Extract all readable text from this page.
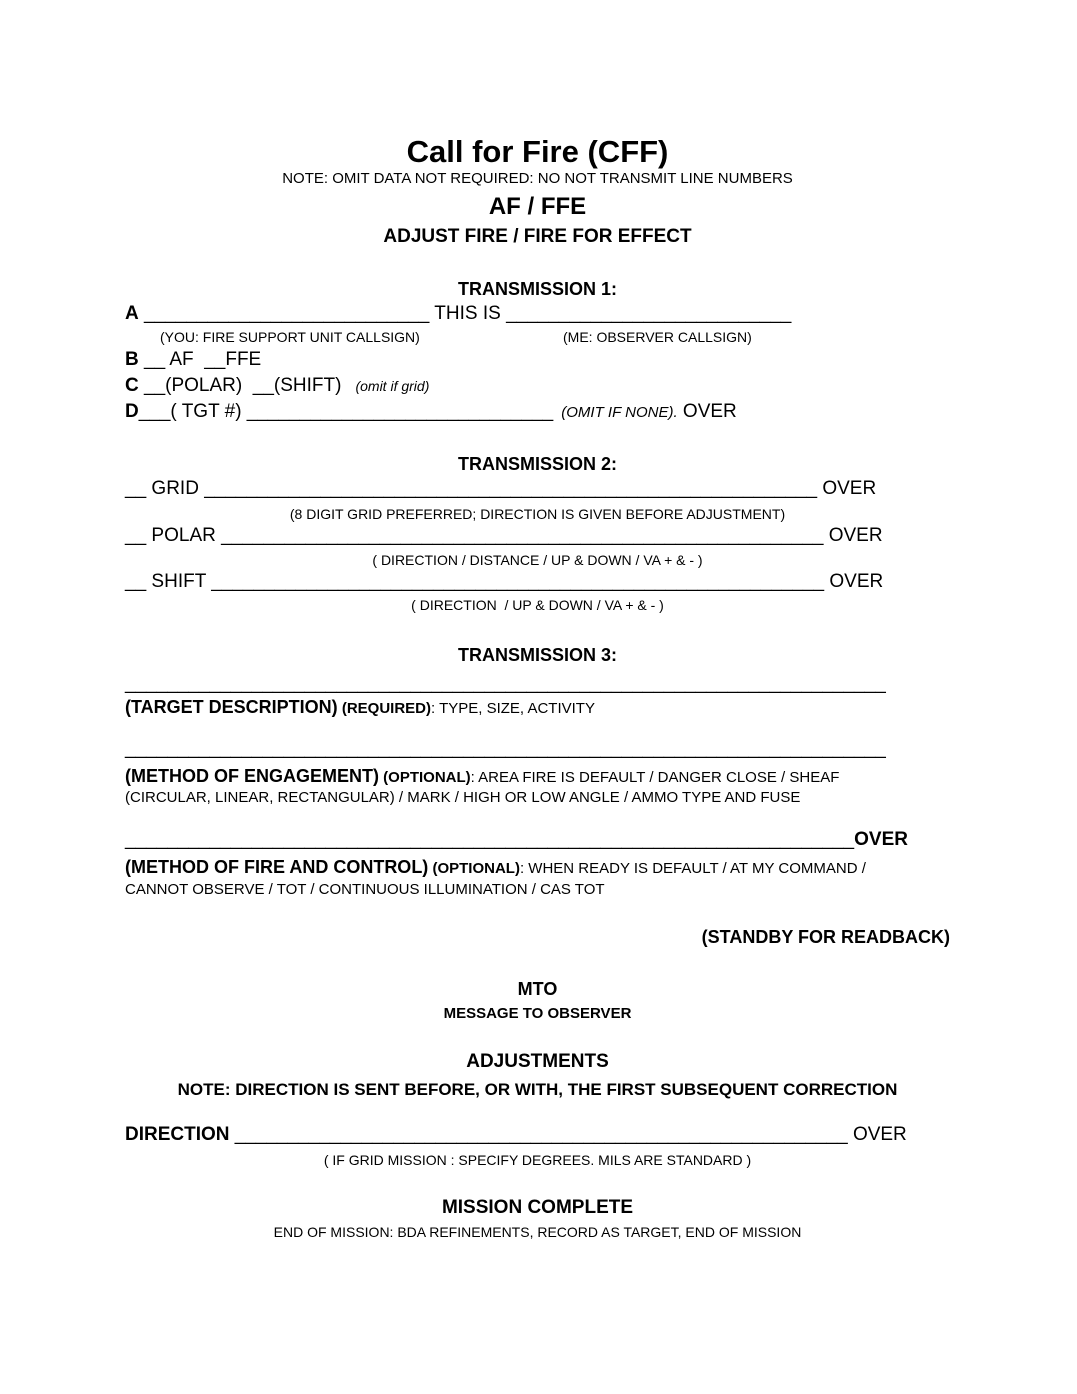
Call for Fire (CFF)
NOTE: OMIT DATA NOT REQUIRED: NO NOT TRANSMIT LINE NUMBERS
AF / FFE
ADJUST FIRE / FIRE FOR EFFECT
TRANSMISSION 1:
A ___________________________ THIS IS ___________________________
(YOU: FIRE SUPPORT UNIT CALLSIGN)	(ME: OBSERVER CALLSIGN)
B __ AF  __FFE
C __(POLAR)  __(SHIFT) (omit if grid)
D___( TGT #) _____________________________ (OMIT IF NONE). OVER
TRANSMISSION 2:
__ GRID __________________________________________________________ OVER
(8 DIGIT GRID PREFERRED; DIRECTION IS GIVEN BEFORE ADJUSTMENT)
__ POLAR _________________________________________________________ OVER
( DIRECTION / DISTANCE / UP & DOWN / VA + & - )
__ SHIFT __________________________________________________________ OVER
( DIRECTION  / UP & DOWN / VA + & - )
TRANSMISSION 3:
________________________________________________________________________
(TARGET DESCRIPTION) (REQUIRED): TYPE, SIZE, ACTIVITY
________________________________________________________________________
(METHOD OF ENGAGEMENT) (OPTIONAL): AREA FIRE IS DEFAULT / DANGER CLOSE / SHEAF (CIRCULAR, LINEAR, RECTANGULAR) / MARK / HIGH OR LOW ANGLE / AMMO TYPE AND FUSE
_____________________________________________________________________OVER
(METHOD OF FIRE AND CONTROL) (OPTIONAL): WHEN READY IS DEFAULT / AT MY COMMAND / CANNOT OBSERVE / TOT / CONTINUOUS ILLUMINATION / CAS TOT
(STANDBY FOR READBACK)
MTO
MESSAGE TO OBSERVER
ADJUSTMENTS
NOTE: DIRECTION IS SENT BEFORE, OR WITH, THE FIRST SUBSEQUENT CORRECTION
DIRECTION __________________________________________________________ OVER
( IF GRID MISSION : SPECIFY DEGREES. MILS ARE STANDARD )
MISSION COMPLETE
END OF MISSION: BDA REFINEMENTS, RECORD AS TARGET, END OF MISSION
